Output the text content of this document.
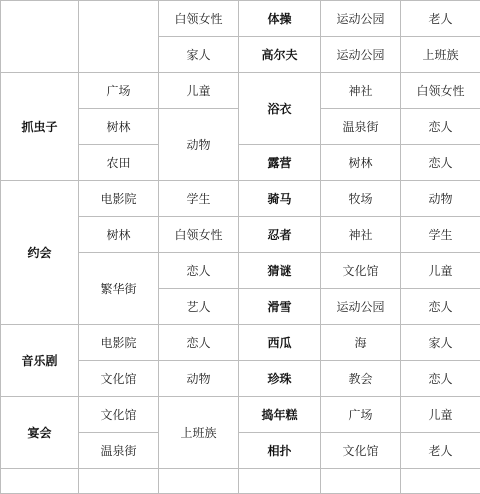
		白领女性	体操	运动公园	老人
		家人	高尔夫	运动公园	上班族
抓虫子	广场	儿童	浴衣	神社	白领女性
	树林	动物		温泉街	恋人
	农田		露营	树林	恋人
约会	电影院	学生	骑马	牧场	动物
	树林	白领女性	忍者	神社	学生
	繁华街	恋人	猜谜	文化馆	儿童
		艺人	滑雪	运动公园	恋人
音乐剧	电影院	恋人	西瓜	海	家人
	文化馆	动物	珍珠	教会	恋人
宴会	文化馆	上班族	捣年糕	广场	儿童
	温泉街		相扑	文化馆	老人
